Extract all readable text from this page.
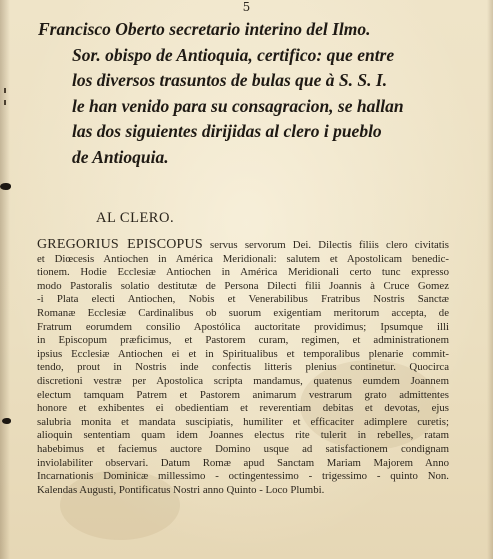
5

Francisco Oberto secretario interino del Ilmo.
Sor. obispo de Antioquia, certifico: que entre
los diversos trasuntos de bulas que à S. S. I.
le han venido para su consagracion, se hallan
las dos siguientes dirijidas al clero i pueblo
de Antioquia.

AL CLERO.
GREGORIUS EPISCOPUS servus servorum Dei. Dilectis filiis clero civitatis
et Diœcesis Antiochen in América Meridionali: salutem et Apostolicam benedic-
tionem. Hodie Ecclesiæ Antiochen in América Meridionali certo tunc expresso
modo Pastoralis solatio destitutæ de Persona Dilecti filii Joannis à Cruce Gomez
-i Plata electi Antiochen, Nobis et Venerabilibus Fratribus Nostris Sanctæ
Romanæ Ecclesiæ Cardinalibus ob suorum exigentiam meritorum accepta, de
Fratrum eorumdem consilio Apostólica auctoritate providimus; Ipsumque illi
in Episcopum præficimus, et Pastorem curam, regimen, et administrationem
ipsius Ecclesiæ Antiochen ei et in Spiritualibus et temporalibus plenarie commit-
tendo, prout in Nostris inde confectis litteris plenius continetur. Quocirca
discretioni vestræ per Apostolica scripta mandamus, quatenus eumdem Joannem
electum tamquam Patrem et Pastorem animarum vestrarum grato admittentes
honore et exhibentes ei obedientiam et reverentiam debitas et devotas, ejus
salubria monita et mandata suscipiatis, humiliter et efficaciter adimplere curetis;
alioquin sententiam quam idem Joannes electus rite tulerit in rebelles, ratam
habebimus et faciemus auctore Domino usque ad satisfactionem condignam
inviolabiliter observari. Datum Romæ apud Sanctam Mariam Majorem Anno
Incarnationis Dominicæ millessimo - octingentessimo - trigessimo - quinto Non.
Kalendas Augusti, Pontificatus Nostri anno Quinto - Loco Plumbi.
